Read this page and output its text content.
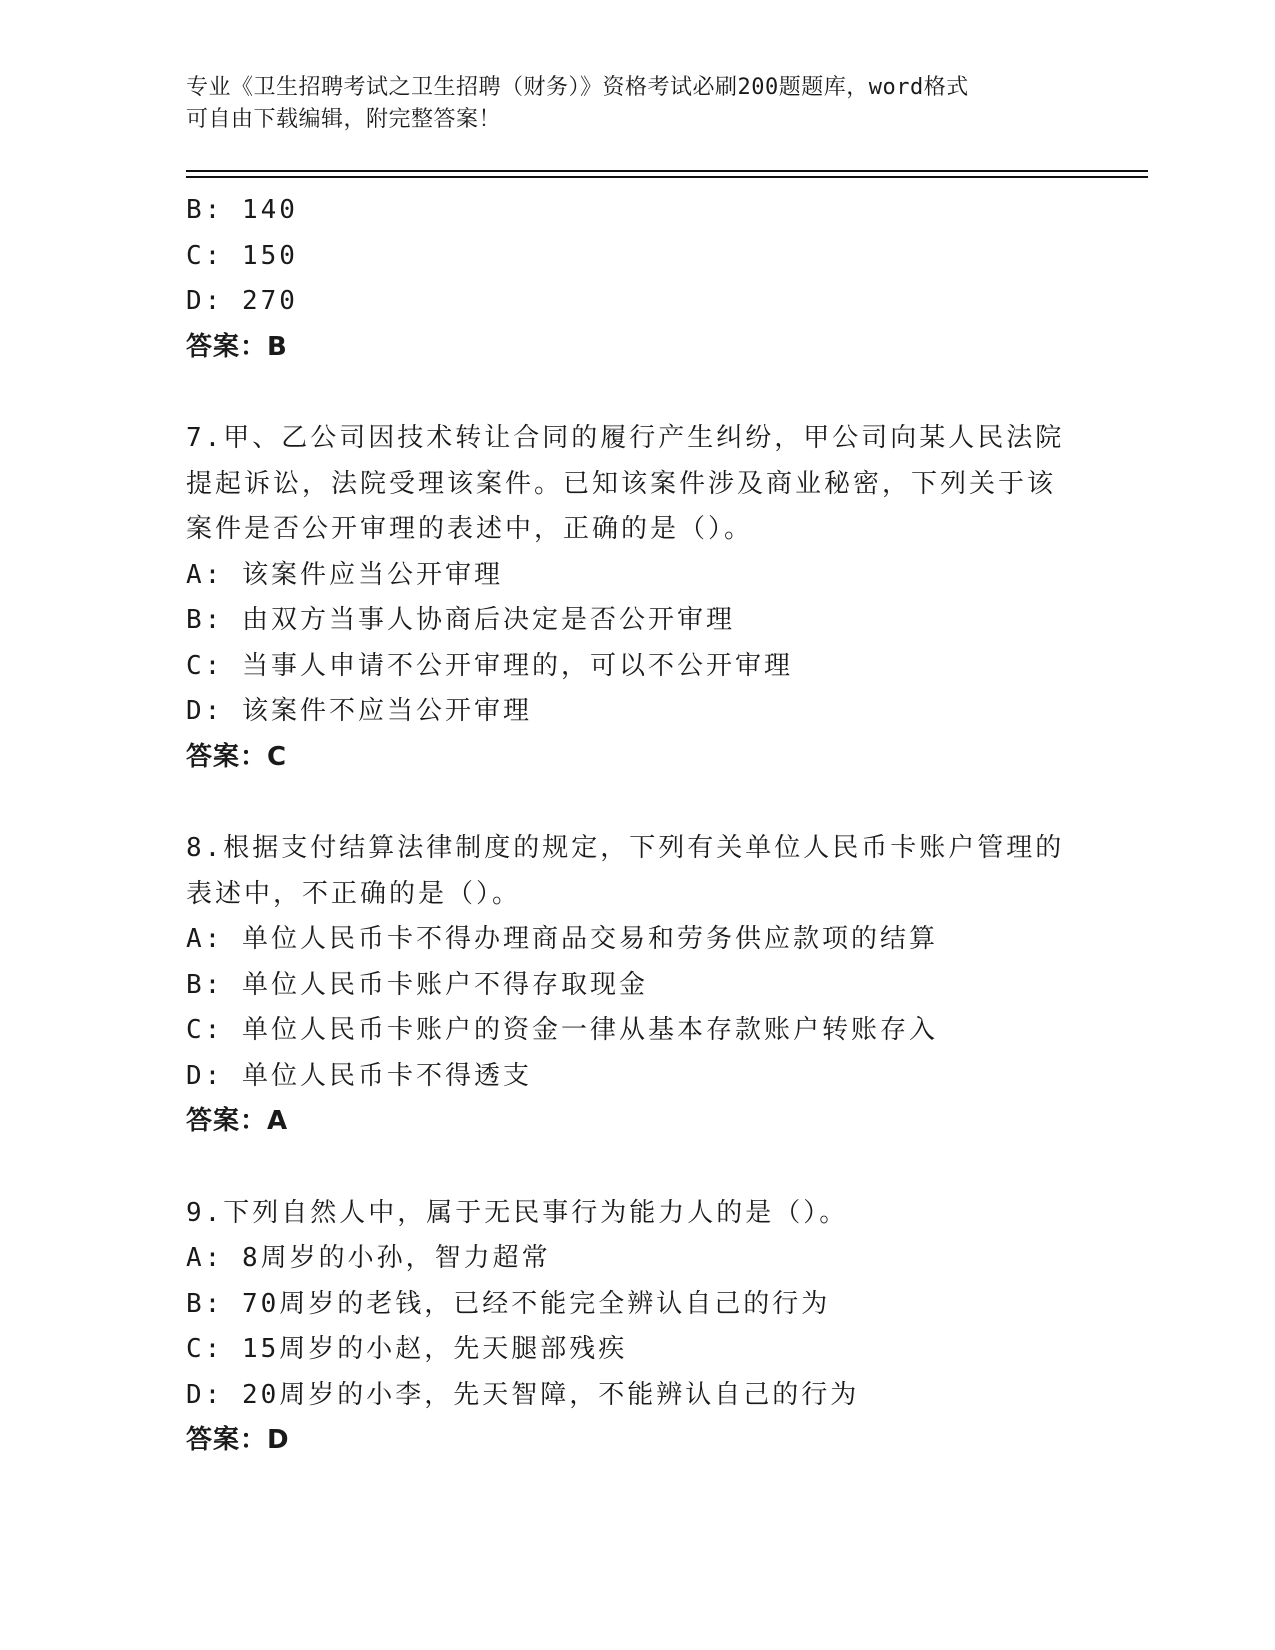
专业《卫生招聘考试之卫生招聘（财务）》资格考试必刷200题题库，word格式
可自由下载编辑，附完整答案！
B: 140
C: 150
D: 270
答案：B
7.甲、乙公司因技术转让合同的履行产生纠纷，甲公司向某人民法院
提起诉讼，法院受理该案件。已知该案件涉及商业秘密，下列关于该
案件是否公开审理的表述中，正确的是（）。
A: 该案件应当公开审理
B: 由双方当事人协商后决定是否公开审理
C: 当事人申请不公开审理的，可以不公开审理
D: 该案件不应当公开审理
答案：C
8.根据支付结算法律制度的规定，下列有关单位人民币卡账户管理的
表述中，不正确的是（）。
A: 单位人民币卡不得办理商品交易和劳务供应款项的结算
B: 单位人民币卡账户不得存取现金
C: 单位人民币卡账户的资金一律从基本存款账户转账存入
D: 单位人民币卡不得透支
答案：A
9.下列自然人中，属于无民事行为能力人的是（）。
A: 8周岁的小孙，智力超常
B: 70周岁的老钱，已经不能完全辨认自己的行为
C: 15周岁的小赵，先天腿部残疾
D: 20周岁的小李，先天智障，不能辨认自己的行为
答案：D
